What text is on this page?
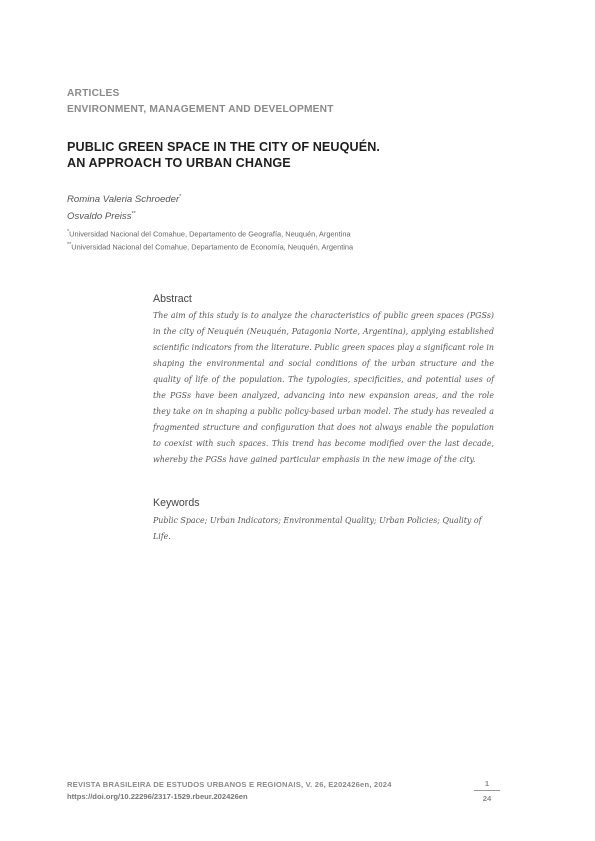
ARTICLES
ENVIRONMENT, MANAGEMENT AND DEVELOPMENT
PUBLIC GREEN SPACE IN THE CITY OF NEUQUÉN.
AN APPROACH TO URBAN CHANGE
Romina Valeria Schroeder*
Osvaldo Preiss**
*Universidad Nacional del Comahue, Departamento de Geografía, Neuquén, Argentina
**Universidad Nacional del Comahue, Departamento de Economía, Neuquén, Argentina
Abstract
The aim of this study is to analyze the characteristics of public green spaces (PGSs) in the city of Neuquén (Neuquén, Patagonia Norte, Argentina), applying established scientific indicators from the literature. Public green spaces play a significant role in shaping the environmental and social conditions of the urban structure and the quality of life of the population. The typologies, specificities, and potential uses of the PGSs have been analyzed, advancing into new expansion areas, and the role they take on in shaping a public policy-based urban model. The study has revealed a fragmented structure and configuration that does not always enable the population to coexist with such spaces. This trend has become modified over the last decade, whereby the PGSs have gained particular emphasis in the new image of the city.
Keywords
Public Space; Urban Indicators; Environmental Quality; Urban Policies; Quality of Life.
REVISTA BRASILEIRA DE ESTUDOS URBANOS E REGIONAIS, V. 26, E202426en, 2024
https://doi.org/10.22296/2317-1529.rbeur.202426en
1
24
